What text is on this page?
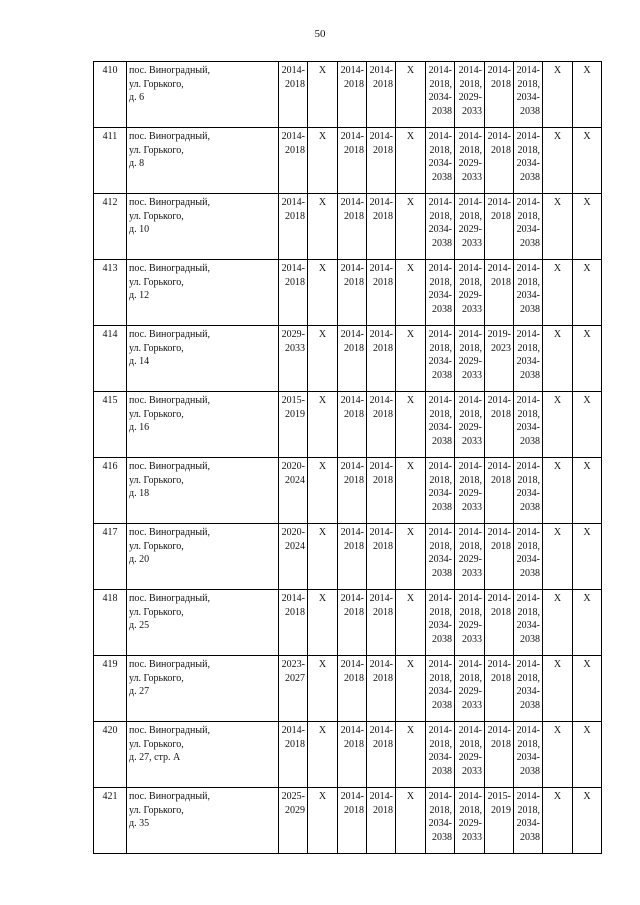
50
410	пос. Виноградный,
ул. Горького,
д. 6	2014-
2018	Х	2014-
2018	2014-
2018	Х	2014-
2018,
2034-
2038	2014-
2018,
2029-
2033	2014-
2018	2014-
2018,
2034-
2038	Х	Х
411	пос. Виноградный,
ул. Горького,
д. 8	2014-
2018	Х	2014-
2018	2014-
2018	Х	2014-
2018,
2034-
2038	2014-
2018,
2029-
2033	2014-
2018	2014-
2018,
2034-
2038	Х	Х
412	пос. Виноградный,
ул. Горького,
д. 10	2014-
2018	Х	2014-
2018	2014-
2018	Х	2014-
2018,
2034-
2038	2014-
2018,
2029-
2033	2014-
2018	2014-
2018,
2034-
2038	Х	Х
413	пос. Виноградный,
ул. Горького,
д. 12	2014-
2018	Х	2014-
2018	2014-
2018	Х	2014-
2018,
2034-
2038	2014-
2018,
2029-
2033	2014-
2018	2014-
2018,
2034-
2038	Х	Х
414	пос. Виноградный,
ул. Горького,
д. 14	2029-
2033	Х	2014-
2018	2014-
2018	Х	2014-
2018,
2034-
2038	2014-
2018,
2029-
2033	2019-
2023	2014-
2018,
2034-
2038	Х	Х
415	пос. Виноградный,
ул. Горького,
д. 16	2015-
2019	Х	2014-
2018	2014-
2018	Х	2014-
2018,
2034-
2038	2014-
2018,
2029-
2033	2014-
2018	2014-
2018,
2034-
2038	Х	Х
416	пос. Виноградный,
ул. Горького,
д. 18	2020-
2024	Х	2014-
2018	2014-
2018	Х	2014-
2018,
2034-
2038	2014-
2018,
2029-
2033	2014-
2018	2014-
2018,
2034-
2038	Х	Х
417	пос. Виноградный,
ул. Горького,
д. 20	2020-
2024	Х	2014-
2018	2014-
2018	Х	2014-
2018,
2034-
2038	2014-
2018,
2029-
2033	2014-
2018	2014-
2018,
2034-
2038	Х	Х
418	пос. Виноградный,
ул. Горького,
д. 25	2014-
2018	Х	2014-
2018	2014-
2018	Х	2014-
2018,
2034-
2038	2014-
2018,
2029-
2033	2014-
2018	2014-
2018,
2034-
2038	Х	Х
419	пос. Виноградный,
ул. Горького,
д. 27	2023-
2027	Х	2014-
2018	2014-
2018	Х	2014-
2018,
2034-
2038	2014-
2018,
2029-
2033	2014-
2018	2014-
2018,
2034-
2038	Х	Х
420	пос. Виноградный,
ул. Горького,
д. 27, стр. А	2014-
2018	Х	2014-
2018	2014-
2018	Х	2014-
2018,
2034-
2038	2014-
2018,
2029-
2033	2014-
2018	2014-
2018,
2034-
2038	Х	Х
421	пос. Виноградный,
ул. Горького,
д. 35	2025-
2029	Х	2014-
2018	2014-
2018	Х	2014-
2018,
2034-
2038	2014-
2018,
2029-
2033	2015-
2019	2014-
2018,
2034-
2038	Х	Х
